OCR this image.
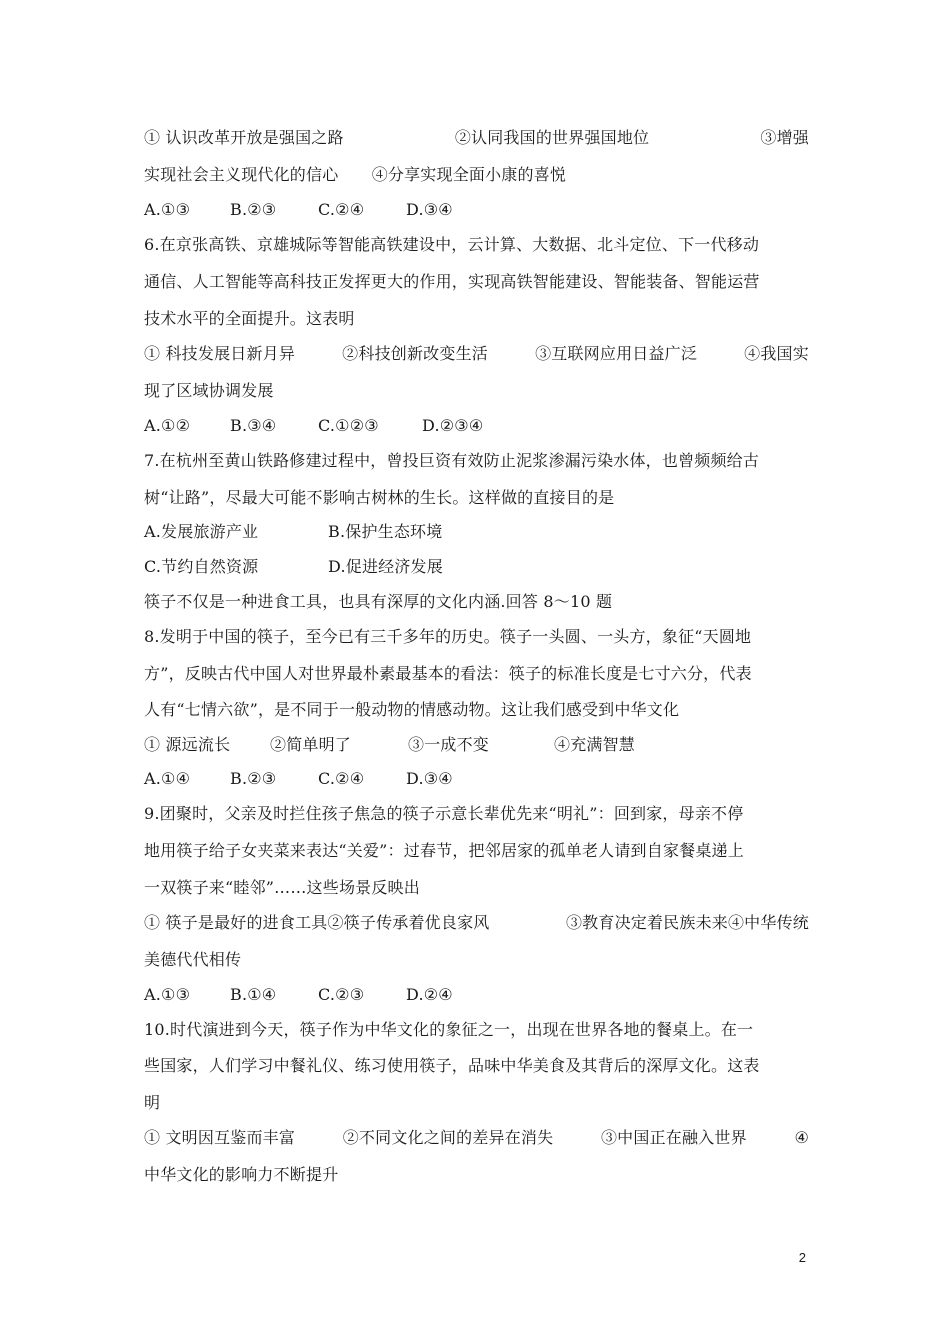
① 认识改革开放是强国之路	②认同我国的世界强国地位	③增强
实现社会主义现代化的信心 ④分享实现全面小康的喜悦
A.①③ B.②③	C.②④	D.③④
6.在京张高铁、京雄城际等智能高铁建设中，云计算、大数据、北斗定位、下一代移动
通信、人工智能等高科技正发挥更大的作用，实现高铁智能建设、智能装备、智能运营
技术水平的全面提升。这表明
① 科技发展日新月异	②科技创新改变生活	③互联网应用日益广泛	④我国实
现了区域协调发展
A.①② B.③④	C.①②③	D.②③④
7.在杭州至黄山铁路修建过程中，曾投巨资有效防止泥浆渗漏污染水体，也曾频频给古
树“让路”，尽最大可能不影响古树林的生长。这样做的直接目的是
A.发展旅游产业	B.保护生态环境
C.节约自然资源	D.促进经济发展
筷子不仅是一种进食工具，也具有深厚的文化内涵.回答 8～10 题
8.发明于中国的筷子，至今已有三千多年的历史。筷子一头圆、一头方，象征“天圆地
方”，反映古代中国人对世界最朴素最基本的看法：筷子的标准长度是七寸六分，代表
人有“七情六欲”，是不同于一般动物的情感动物。这让我们感受到中华文化
① 源远流长 ②简单明了	③一成不变	④充满智慧
A.①④ B.②③	C.②④	D.③④
9.团聚时，父亲及时拦住孩子焦急的筷子示意长辈优先来“明礼”：回到家，母亲不停
地用筷子给子女夹菜来表达“关爱”：过春节，把邻居家的孤单老人请到自家餐桌递上
一双筷子来“睦邻”……这些场景反映出
① 筷子是最好的进食工具②筷子传承着优良家风	③教育决定着民族未来④中华传统
美德代代相传
A.①③ B.①④	C.②③	D.②④
10.时代演进到今天，筷子作为中华文化的象征之一，出现在世界各地的餐桌上。在一
些国家，人们学习中餐礼仪、练习使用筷子，品味中华美食及其背后的深厚文化。这表
明
① 文明因互鉴而丰富	②不同文化之间的差异在消失	③中国正在融入世界	④
中华文化的影响力不断提升
2
